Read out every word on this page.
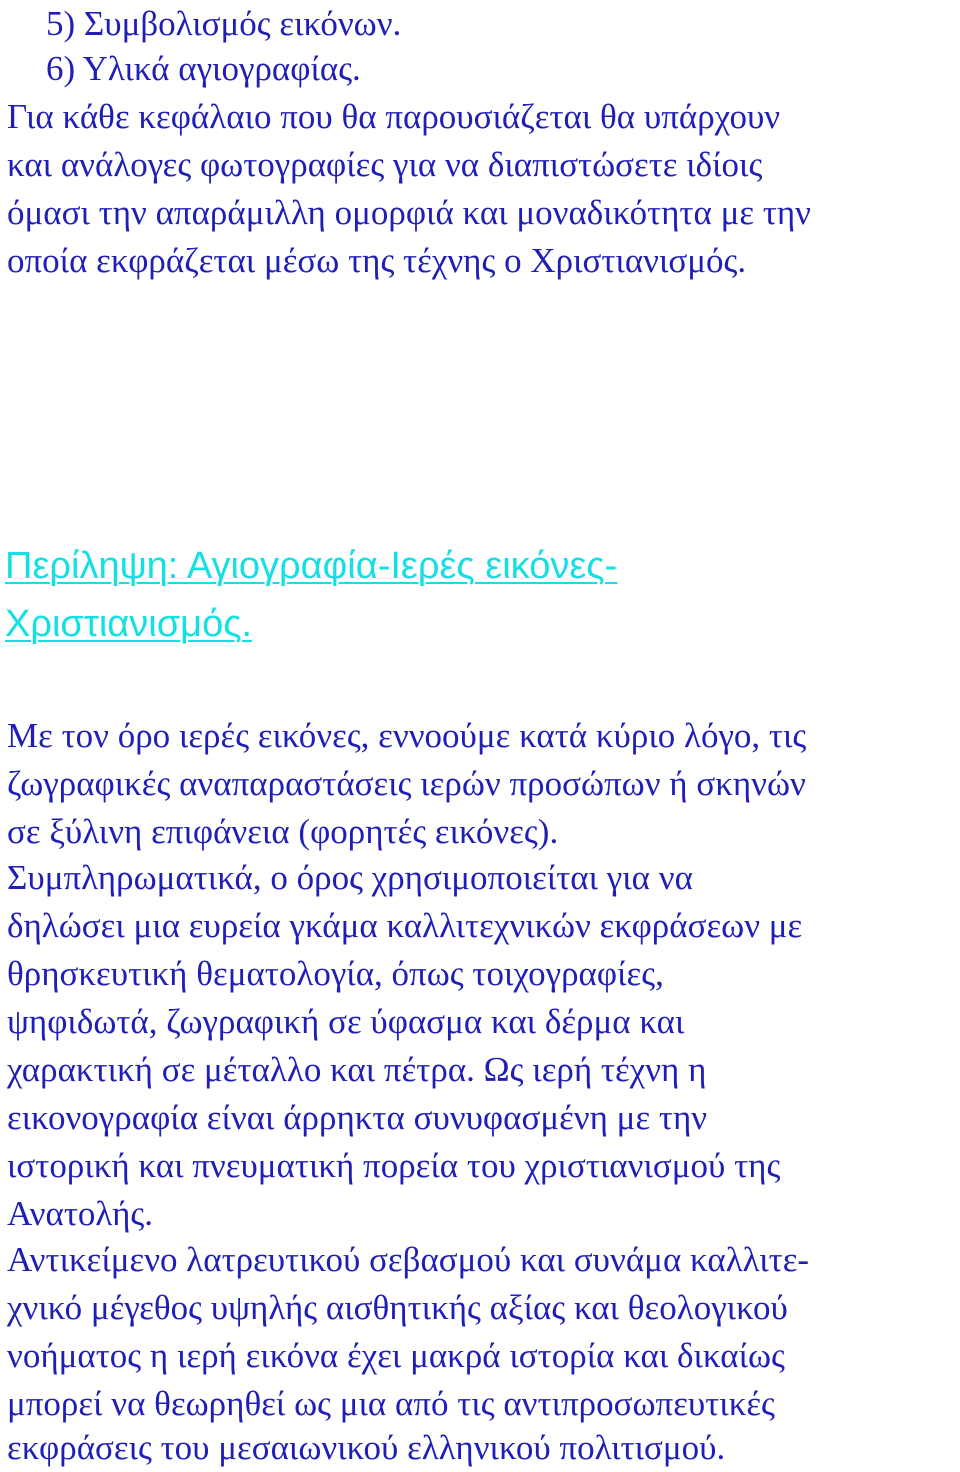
5) Συμβολισμός εικόνων.
6) Υλικά αγιογραφίας.
Για κάθε κεφάλαιο που θα παρουσιάζεται θα υπάρχουν
και ανάλογες φωτογραφίες για να διαπιστώσετε ιδίοις
όμασι την απαράμιλλη ομορφιά και μοναδικότητα με την
οποία εκφράζεται μέσω της τέχνης ο Χριστιανισμός.
Περίληψη: Αγιογραφία-Ιερές εικόνες-
Χριστιανισμός.
Με τον όρο ιερές εικόνες, εννοούμε κατά κύριο λόγο, τις
ζωγραφικές αναπαραστάσεις ιερών προσώπων ή σκηνών
σε ξύλινη επιφάνεια (φορητές εικόνες).
Συμπληρωματικά, ο όρος χρησιμοποιείται για να
δηλώσει μια ευρεία γκάμα καλλιτεχνικών εκφράσεων με
θρησκευτική θεματολογία, όπως τοιχογραφίες,
ψηφιδωτά, ζωγραφική σε ύφασμα και δέρμα και
χαρακτική σε μέταλλο και πέτρα. Ως ιερή τέχνη η
εικονογραφία είναι άρρηκτα συνυφασμένη με την
ιστορική και πνευματική πορεία του χριστιανισμού της
Ανατολής.
Αντικείμενο λατρευτικού σεβασμού και συνάμα καλλιτε-
χνικό μέγεθος υψηλής αισθητικής αξίας και θεολογικού
νοήματος η ιερή εικόνα έχει μακρά ιστορία και δικαίως
μπορεί να θεωρηθεί ως μια από τις αντιπροσωπευτικές
εκφράσεις του μεσαιωνικού ελληνικού πολιτισμού.
